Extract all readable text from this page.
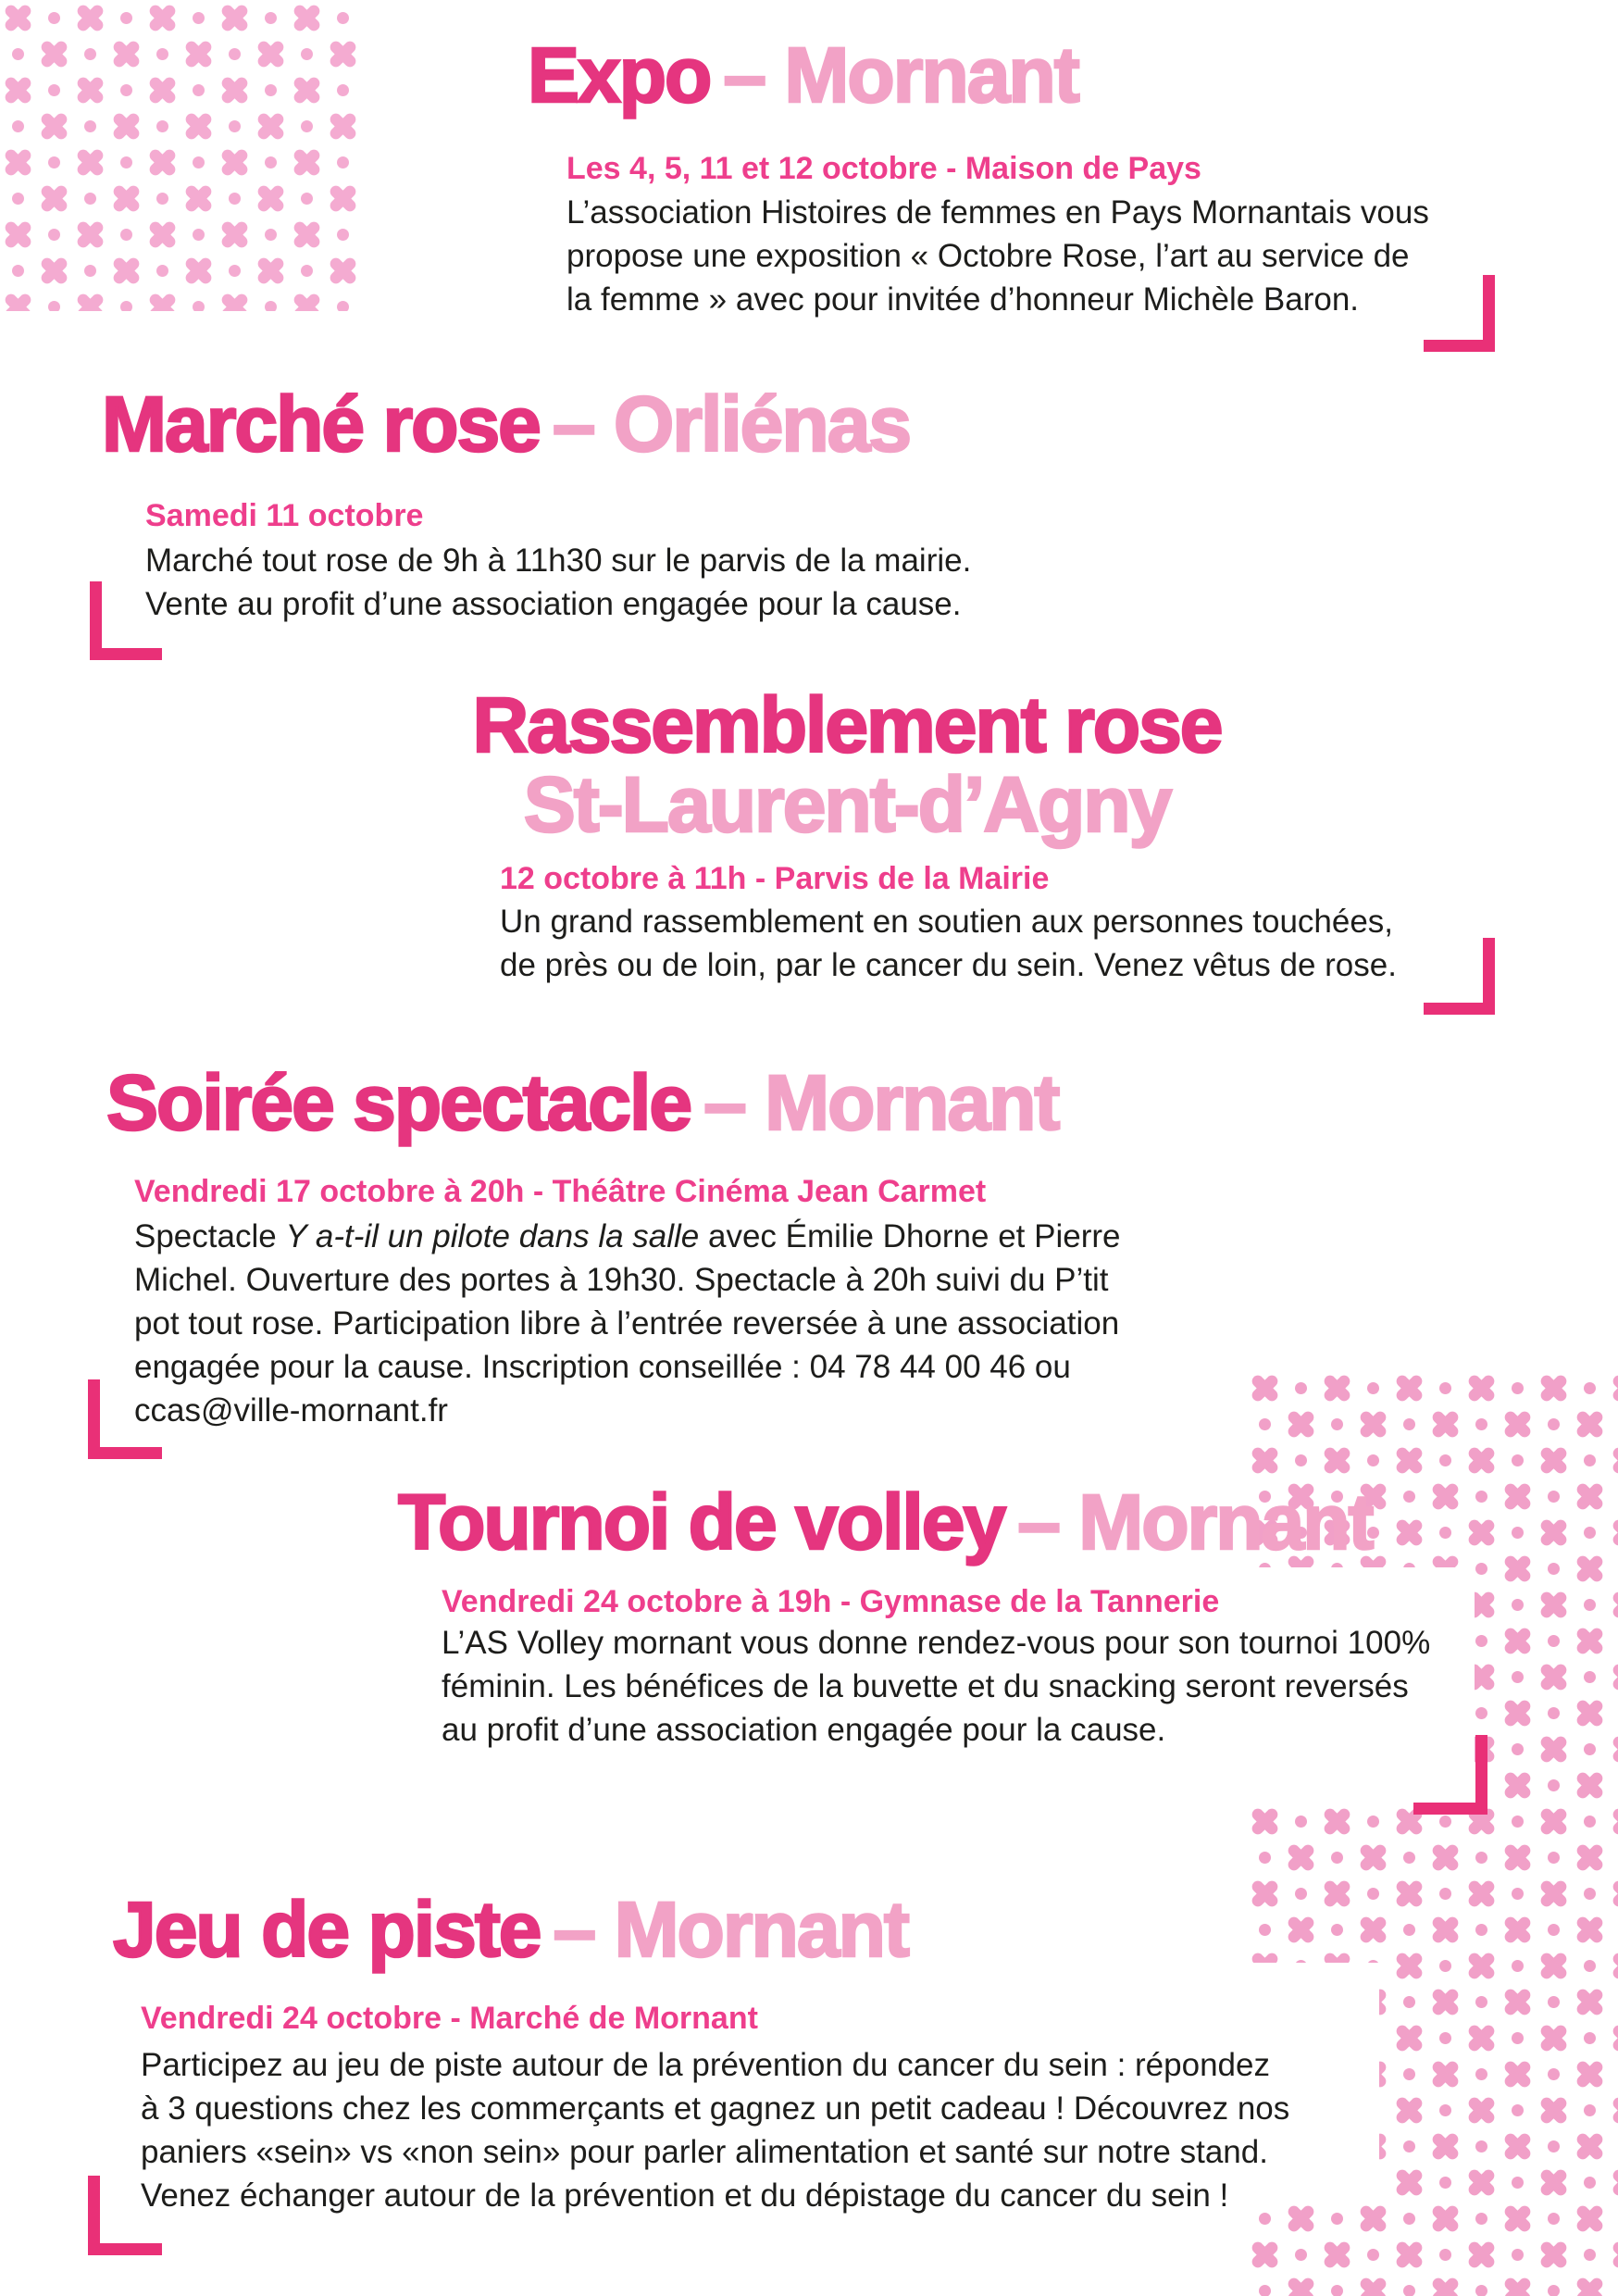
Expo – Mornant
Les 4, 5, 11 et 12 octobre - Maison de Pays
L’association Histoires de femmes en Pays Mornantais vous
propose une exposition « Octobre Rose, l’art au service de
la femme » avec pour invitée d’honneur Michèle Baron.
Marché rose – Orliénas
Samedi 11 octobre
Marché tout rose de 9h à 11h30 sur le parvis de la mairie.
Vente au profit d’une association engagée pour la cause.
Rassemblement rose
St-Laurent-d’Agny
12 octobre à 11h - Parvis de la Mairie
Un grand rassemblement en soutien aux personnes touchées,
de près ou de loin, par le cancer du sein. Venez vêtus de rose.
Soirée spectacle – Mornant
Vendredi 17 octobre à 20h - Théâtre Cinéma Jean Carmet
Spectacle Y a-t-il un pilote dans la salle avec Émilie Dhorne et Pierre
Michel. Ouverture des portes à 19h30. Spectacle à 20h suivi du P’tit
pot tout rose. Participation libre à l’entrée reversée à une association
engagée pour la cause. Inscription conseillée : 04 78 44 00 46 ou
ccas@ville-mornant.fr
Tournoi de volley – Mornant
Vendredi 24 octobre à 19h - Gymnase de la Tannerie
L’AS Volley mornant vous donne rendez-vous pour son tournoi 100%
féminin. Les bénéfices de la buvette et du snacking seront reversés
au profit d’une association engagée pour la cause.
Jeu de piste – Mornant
Vendredi 24 octobre - Marché de Mornant
Participez au jeu de piste autour de la prévention du cancer du sein : répondez
à 3 questions chez les commerçants et gagnez un petit cadeau ! Découvrez nos
paniers «sein» vs «non sein» pour parler alimentation et santé sur notre stand.
Venez échanger autour de la prévention et du dépistage du cancer du sein !
